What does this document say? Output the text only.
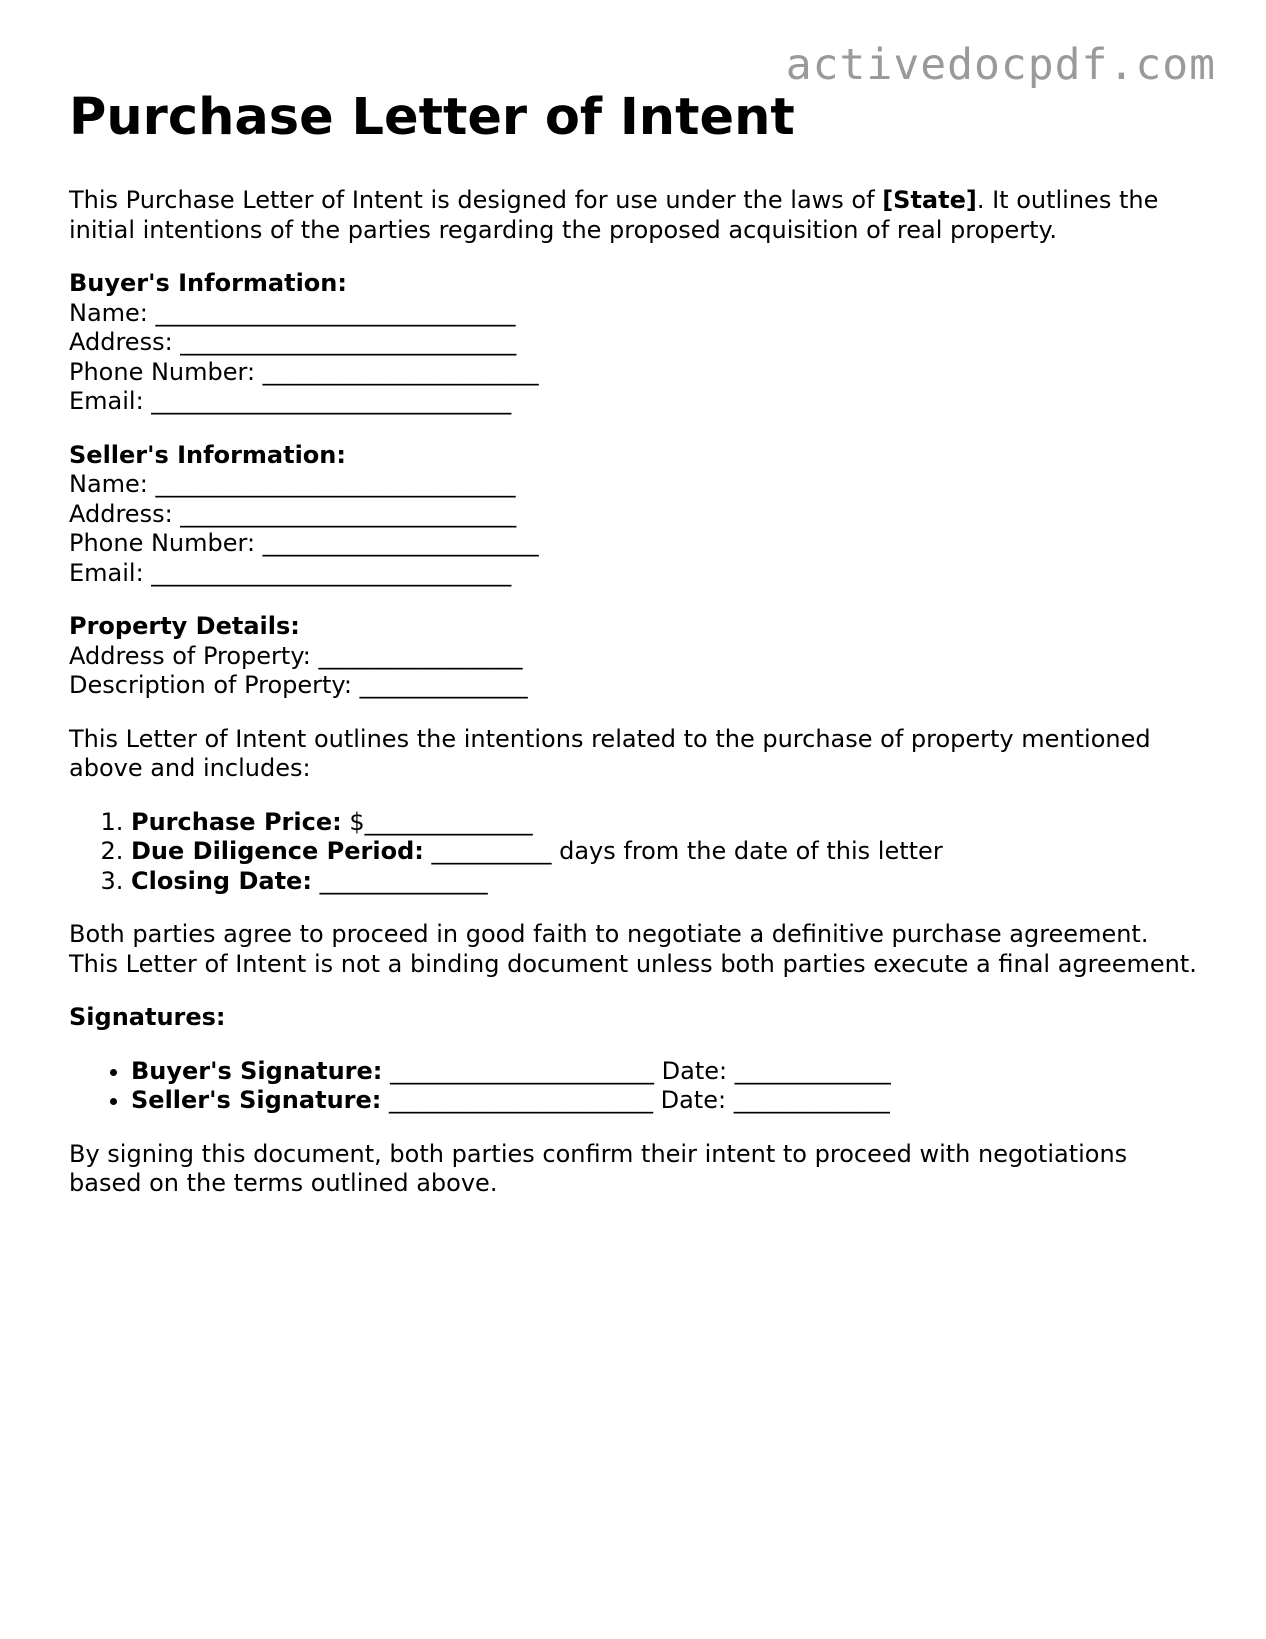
activedocpdf.com
Purchase Letter of Intent

This Purchase Letter of Intent is designed for use under the laws of [State]. It outlines the initial intentions of the parties regarding the proposed acquisition of real property.

Buyer's Information:
Name: ______________________________
Address: ____________________________
Phone Number: _______________________
Email: ______________________________
Seller's Information:
Name: ______________________________
Address: ____________________________
Phone Number: _______________________
Email: ______________________________
Property Details:
Address of Property: _________________
Description of Property: ______________

This Letter of Intent outlines the intentions related to the purchase of property mentioned above and includes:

1. Purchase Price: $______________
2. Due Diligence Period: __________ days from the date of this letter
3. Closing Date: ______________

Both parties agree to proceed in good faith to negotiate a definitive purchase agreement. This Letter of Intent is not a binding document unless both parties execute a final agreement.

Signatures:

• Buyer's Signature: ______________________ Date: _____________
• Seller's Signature: ______________________ Date: _____________

By signing this document, both parties confirm their intent to proceed with negotiations based on the terms outlined above.
